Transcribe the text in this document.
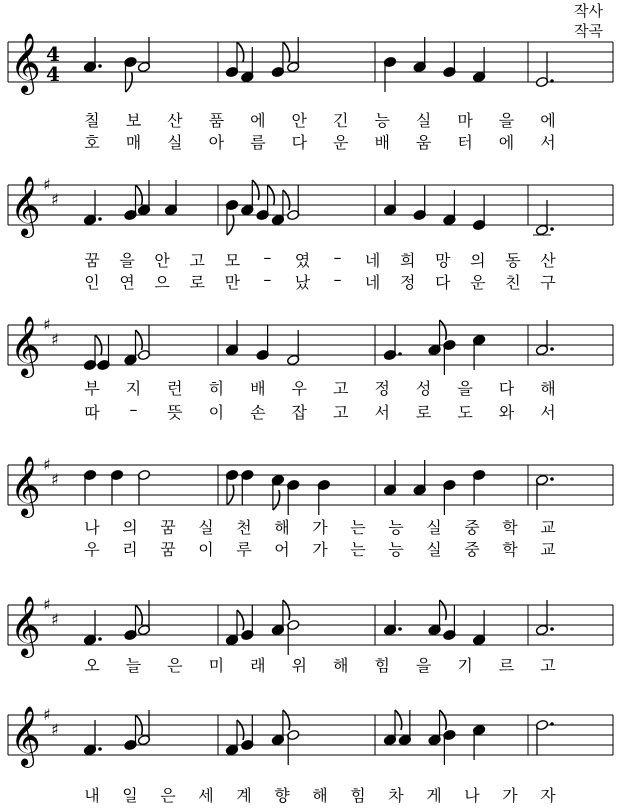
작사
작곡
𝄞 4
4
𝄞 ♯
♯
𝄞 ♯
♯
𝄞 ♯
♯
𝄞 ♯
♯
𝄞 ♯
♯
칠 보 산 품 에 안 긴 능 실 마 을 에
호 매 실 아 름 다 운 배 움 터 에 서
꿈 을 안 고 모 – 였 – 네 희 망 의 동 산
인 연 으 로 만 – 났 – 네 정 다 운 친 구
부 지 런 히 배 우 고 정 성 을 다 해
따 – 뜻 이 손 잡 고 서 로 도 와 서
나 의 꿈 실 천 해 가 는 능 실 중 학 교
우 리 꿈 이 루 어 가 는 능 실 중 학 교
오 늘 은 미 래 위 해 힘 을 기 르 고
내 일 은 세 계 향 해 힘 차 게 나 가 자
